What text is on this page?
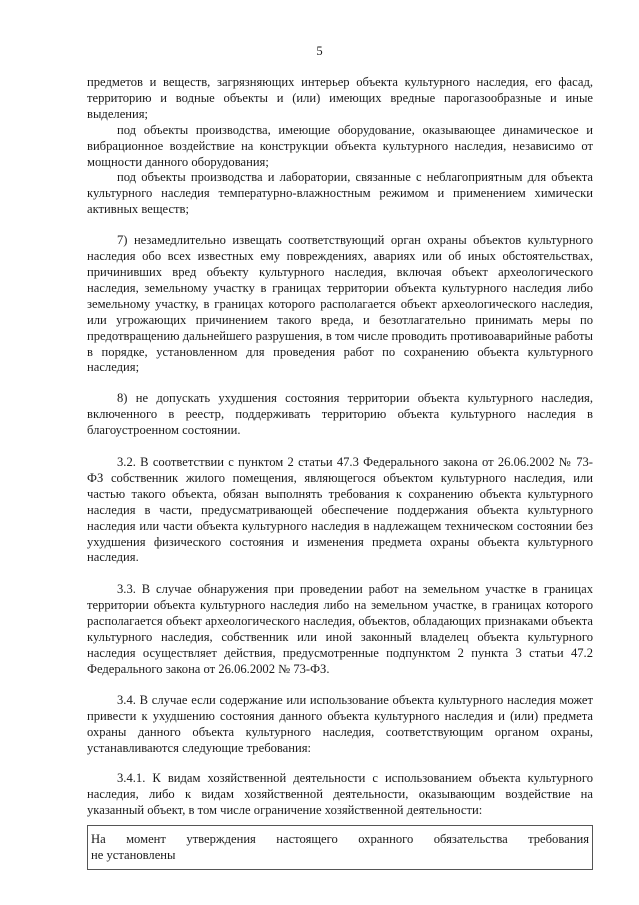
5

предметов и веществ, загрязняющих интерьер объекта культурного наследия, его фасад, территорию и водные объекты и (или) имеющих вредные парогазообразные и иные выделения;

под объекты производства, имеющие оборудование, оказывающее динамическое и вибрационное воздействие на конструкции объекта культурного наследия, независимо от мощности данного оборудования;

под объекты производства и лаборатории, связанные с неблагоприятным для объекта культурного наследия температурно-влажностным режимом и применением химически активных веществ;

7) незамедлительно извещать соответствующий орган охраны объектов культурного наследия обо всех известных ему повреждениях, авариях или об иных обстоятельствах, причинивших вред объекту культурного наследия, включая объект археологического наследия, земельному участку в границах территории объекта культурного наследия либо земельному участку, в границах которого располагается объект археологического наследия, или угрожающих причинением такого вреда, и безотлагательно принимать меры по предотвращению дальнейшего разрушения, в том числе проводить противоаварийные работы в порядке, установленном для проведения работ по сохранению объекта культурного наследия;

8) не допускать ухудшения состояния территории объекта культурного наследия, включенного в реестр, поддерживать территорию объекта культурного наследия в благоустроенном состоянии.

3.2. В соответствии с пунктом 2 статьи 47.3 Федерального закона от 26.06.2002 № 73-ФЗ собственник жилого помещения, являющегося объектом культурного наследия, или частью такого объекта, обязан выполнять требования к сохранению объекта культурного наследия в части, предусматривающей обеспечение поддержания объекта культурного наследия или части объекта культурного наследия в надлежащем техническом состоянии без ухудшения физического состояния и изменения предмета охраны объекта культурного наследия.

3.3. В случае обнаружения при проведении работ на земельном участке в границах территории объекта культурного наследия либо на земельном участке, в границах которого располагается объект археологического наследия, объектов, обладающих признаками объекта культурного наследия, собственник или иной законный владелец объекта культурного наследия осуществляет действия, предусмотренные подпунктом 2 пункта 3 статьи 47.2 Федерального закона от 26.06.2002 № 73-ФЗ.

3.4. В случае если содержание или использование объекта культурного наследия может привести к ухудшению состояния данного объекта культурного наследия и (или) предмета охраны данного объекта культурного наследия, соответствующим органом охраны, устанавливаются следующие требования:

3.4.1. К видам хозяйственной деятельности с использованием объекта культурного наследия, либо к видам хозяйственной деятельности, оказывающим воздействие на указанный объект, в том числе ограничение хозяйственной деятельности:

На момент утверждения настоящего охранного обязательства требования
не установлены
